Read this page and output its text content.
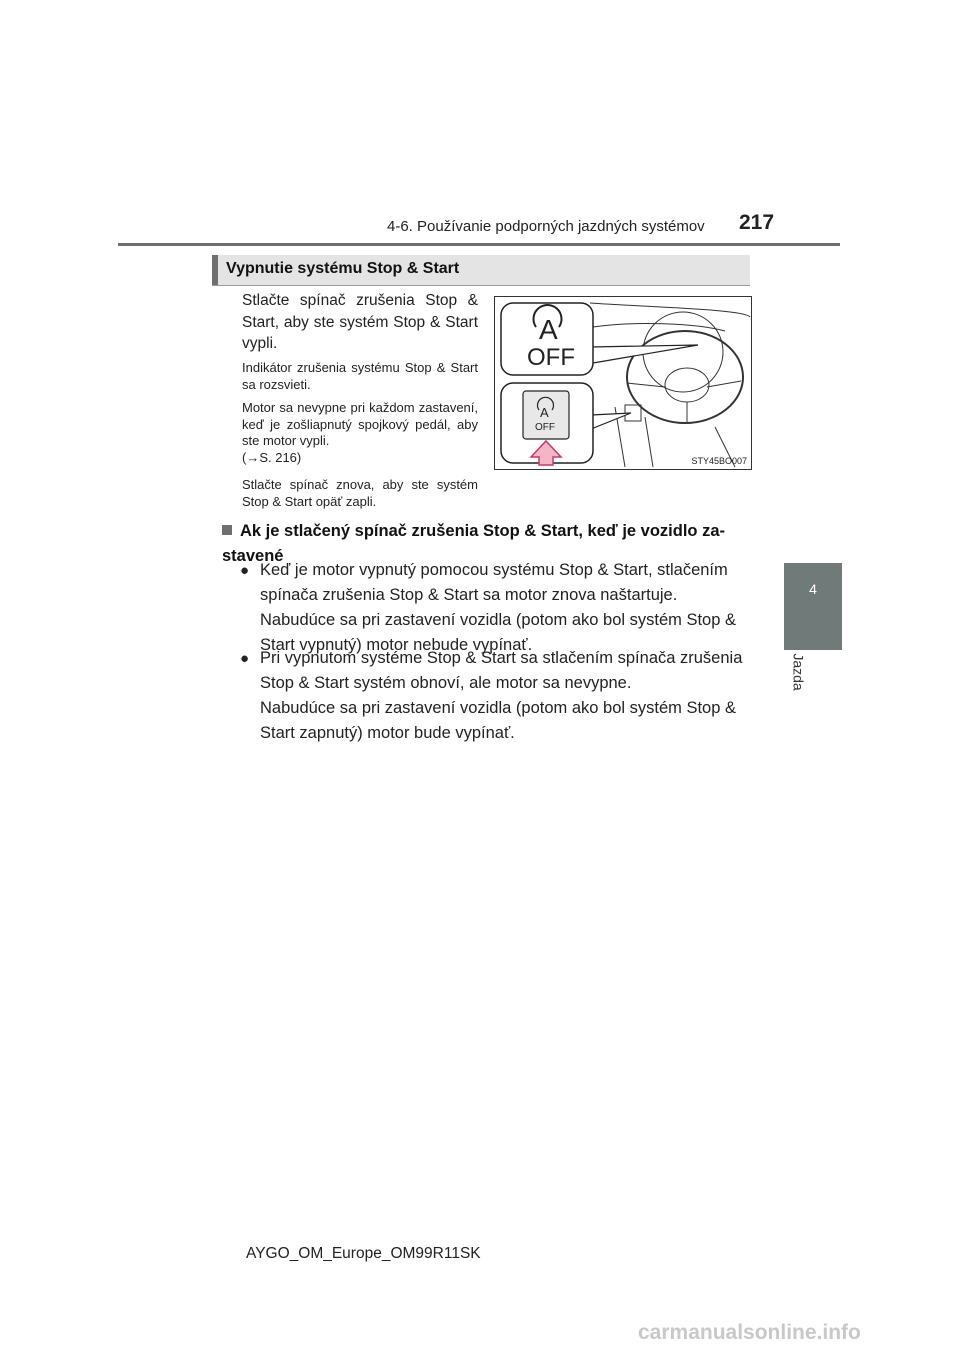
4-6. Používanie podporných jazdných systémov 217
4
Jazda
Vypnutie systému Stop & Start
Stlačte spínač zrušenia Stop & Start, aby ste systém Stop & Start vypli.
Indikátor zrušenia systému Stop & Start sa rozsvieti.
Motor sa nevypne pri každom zastavení, keď je zošliapnutý spojkový pedál, aby ste motor vypli.
(→S. 216)
Stlačte spínač znova, aby ste systém Stop & Start opäť zapli.
A
OFF
A
OFF
STY45BO007
Ak je stlačený spínač zrušenia Stop & Start, keď je vozidlo zastavené
● Keď je motor vypnutý pomocou systému Stop & Start, stlačením spínača zrušenia Stop & Start sa motor znova naštartuje.

Nabudúce sa pri zastavení vozidla (potom ako bol systém Stop & Start vypnutý) motor nebude vypínať.

● Pri vypnutom systéme Stop & Start sa stlačením spínača zrušenia Stop & Start systém obnoví, ale motor sa nevypne.

Nabudúce sa pri zastavení vozidla (potom ako bol systém Stop & Start zapnutý) motor bude vypínať.

AYGO_OM_Europe_OM99R11SK
carmanualsonline.info
